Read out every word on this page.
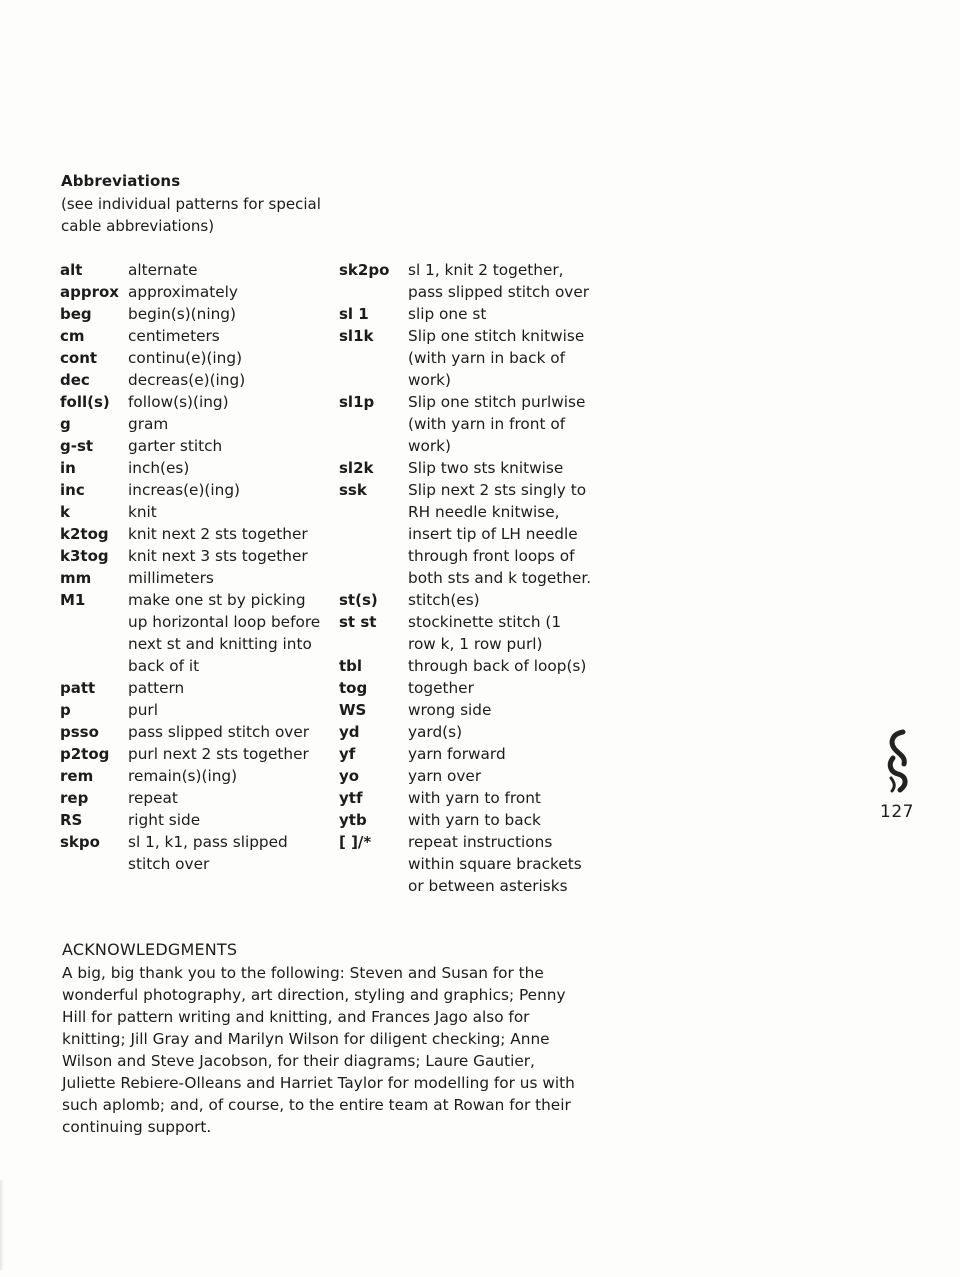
Abbreviations
(see individual patterns for special cable abbreviations)
alt	alternate
approx approximately
beg begin(s)(ning)
cm	centimeters
cont continu(e)(ing)
dec decreas(e)(ing)
foll(s) follow(s)(ing)
g	gram
g-st garter stitch
in	inch(es)
inc	increas(e)(ing)
k	knit
k2tog knit next 2 sts together
k3tog knit next 3 sts together
mm millimeters
M1	make one st by picking up horizontal loop before next st and knitting into back of it
patt pattern
p	purl
psso pass slipped stitch over
p2tog purl next 2 sts together
rem remain(s)(ing)
rep	repeat
RS	right side
skpo sl 1, k1, pass slipped stitch over
sk2po sl 1, knit 2 together, pass slipped stitch over
sl 1	slip one st
sl1k Slip one stitch knitwise (with yarn in back of work)
sl1p Slip one stitch purlwise (with yarn in front of work)
sl2k Slip two sts knitwise
ssk	Slip next 2 sts singly to RH needle knitwise, insert tip of LH needle through front loops of both sts and k together.
st(s) stitch(es)
st st stockinette stitch (1 row k, 1 row purl)
tbl	through back of loop(s)
tog	together
WS	wrong side
yd	yard(s)
yf	yarn forward
yo	yarn over
ytf	with yarn to front
ytb	with yarn to back
[ ]/* repeat instructions within square brackets or between asterisks
ACKNOWLEDGMENTS
A big, big thank you to the following: Steven and Susan for the wonderful photography, art direction, styling and graphics; Penny Hill for pattern writing and knitting, and Frances Jago also for knitting; Jill Gray and Marilyn Wilson for diligent checking; Anne Wilson and Steve Jacobson, for their diagrams; Laure Gautier, Juliette Rebiere-Olleans and Harriet Taylor for modelling for us with such aplomb; and, of course, to the entire team at Rowan for their continuing support.
127
